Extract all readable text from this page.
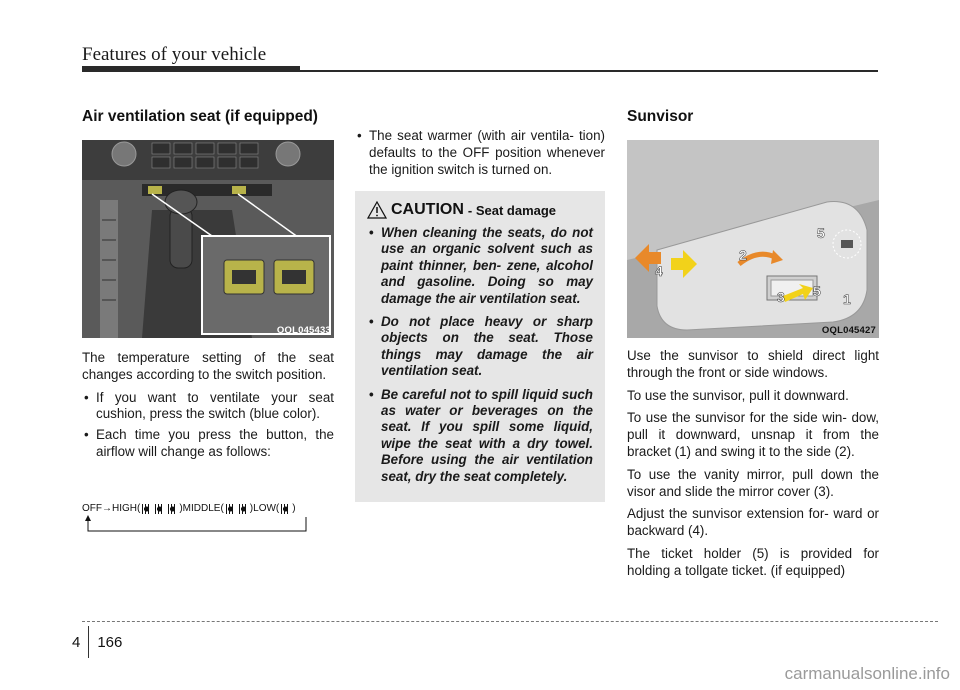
Features of your vehicle
Air ventilation seat (if equipped)
OQL045433

The temperature setting of the seat changes according to the switch position.

• If you want to ventilate your seat cushion, press the switch (blue color).
• Each time you press the button, the airflow will change as follows:
OFF → HIGH(	)MIDDLE(	)LOW( )
• The seat warmer (with air ventila- tion) defaults to the OFF position whenever the ignition switch is turned on.
CAUTION - Seat damage
• When cleaning the seats, do not use an organic solvent such as paint thinner, ben- zene, alcohol and gasoline. Doing so may damage the air ventilation seat.
• Do not place heavy or sharp objects on the seat. Those things may damage the air ventilation seat.
• Be careful not to spill liquid such as water or beverages on the seat. If you spill some liquid, wipe the seat with a dry towel. Before using the air ventilation seat, dry the seat completely.
Sunvisor
1
2
3
4
5
5
OQL045427

Use the sunvisor to shield direct light through the front or side windows.

To use the sunvisor, pull it downward.

To use the sunvisor for the side win- dow, pull it downward, unsnap it from the bracket (1) and swing it to the side (2).

To use the vanity mirror, pull down the visor and slide the mirror cover (3).

Adjust the sunvisor extension for- ward or backward (4).

The ticket holder (5) is provided for holding a tollgate ticket. (if equipped)

4 166
carmanualsonline.info
